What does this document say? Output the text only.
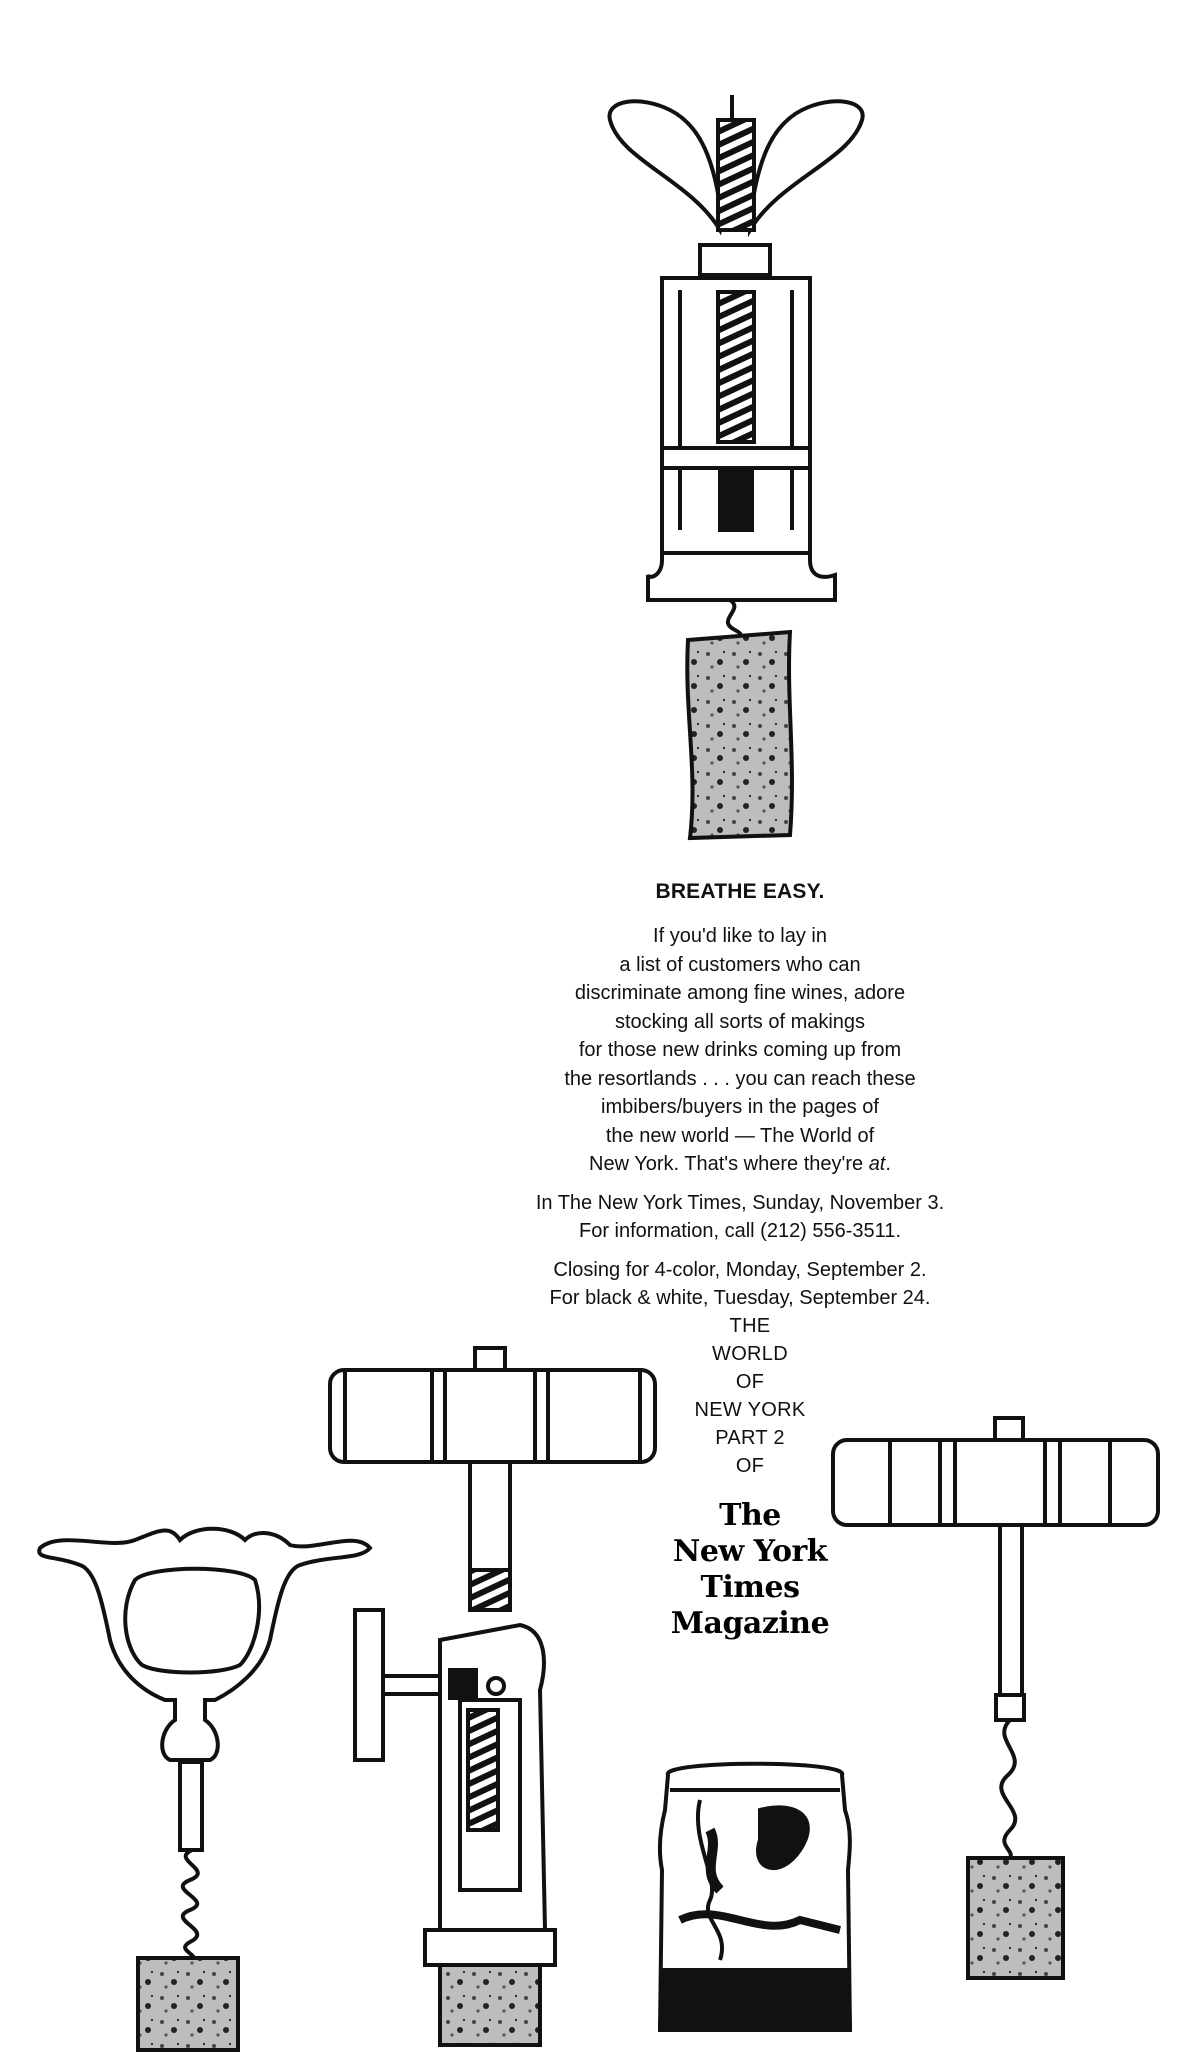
BREATHE EASY.
If you'd like to lay in
a list of customers who can
discriminate among fine wines, adore
stocking all sorts of makings
for those new drinks coming up from
the resortlands . . . you can reach these
imbibers/buyers in the pages of
the new world — The World of
New York. That's where they're at.
In The New York Times, Sunday, November 3.
For information, call (212) 556-3511.
Closing for 4-color, Monday, September 2.
For black & white, Tuesday, September 24.
THE
WORLD
OF
NEW YORK
PART 2
OF
The
New York
Times
Magazine
